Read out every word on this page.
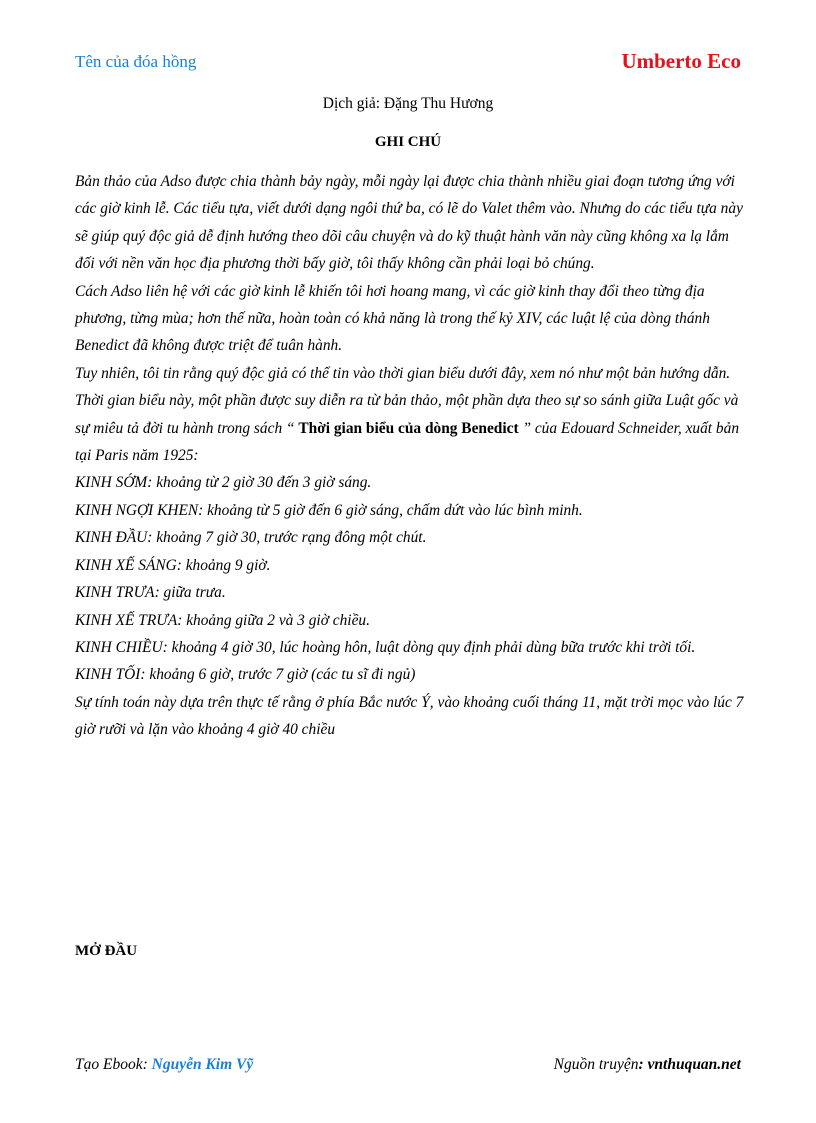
Tên của đóa hồng	Umberto Eco
Dịch giả: Đặng Thu Hương
GHI CHÚ

Bản thảo của Adso được chia thành bảy ngày, mỗi ngày lại được chia thành nhiều giai đoạn tương ứng với các giờ kinh lễ. Các tiểu tựa, viết dưới dạng ngôi thứ ba, có lẽ do Valet thêm vào. Nhưng do các tiểu tựa này sẽ giúp quý độc giả dễ định hướng theo dõi câu chuyện và do kỹ thuật hành văn này cũng không xa lạ lắm đối với nền văn học địa phương thời bấy giờ, tôi thấy không cần phải loại bỏ chúng.

Cách Adso liên hệ với các giờ kinh lễ khiến tôi hơi hoang mang, vì các giờ kinh thay đổi theo từng địa phương, từng mùa; hơn thế nữa, hoàn toàn có khả năng là trong thế kỷ XIV, các luật lệ của dòng thánh Benedict đã không được triệt để tuân hành.

Tuy nhiên, tôi tin rằng quý độc giả có thể tin vào thời gian biểu dưới đây, xem nó như một bản hướng dẫn. Thời gian biểu này, một phần được suy diễn ra từ bản thảo, một phần dựa theo sự so sánh giữa Luật gốc và sự miêu tả đời tu hành trong sách “ Thời gian biểu của dòng Benedict ” của Edouard Schneider, xuất bản tại Paris năm 1925:

KINH SỚM: khoảng từ 2 giờ 30 đến 3 giờ sáng.

KINH NGỢI KHEN: khoảng từ 5 giờ đến 6 giờ sáng, chấm dứt vào lúc bình minh.

KINH ĐẦU: khoảng 7 giờ 30, trước rạng đông một chút.

KINH XẾ SÁNG: khoảng 9 giờ.

KINH TRƯA: giữa trưa.

KINH XẾ TRƯA: khoảng giữa 2 và 3 giờ chiều.

KINH CHIỀU: khoảng 4 giờ 30, lúc hoàng hôn, luật dòng quy định phải dùng bữa trước khi trời tối.

KINH TỐI: khoảng 6 giờ, trước 7 giờ (các tu sĩ đi ngủ)

Sự tính toán này dựa trên thực tế rằng ở phía Bắc nước Ý, vào khoảng cuối tháng 11, mặt trời mọc vào lúc 7 giờ rưỡi và lặn vào khoảng 4 giờ 40 chiều

MỞ ĐẦU
Tạo Ebook: Nguyễn Kim Vỹ	Nguồn truyện: vnthuquan.net
